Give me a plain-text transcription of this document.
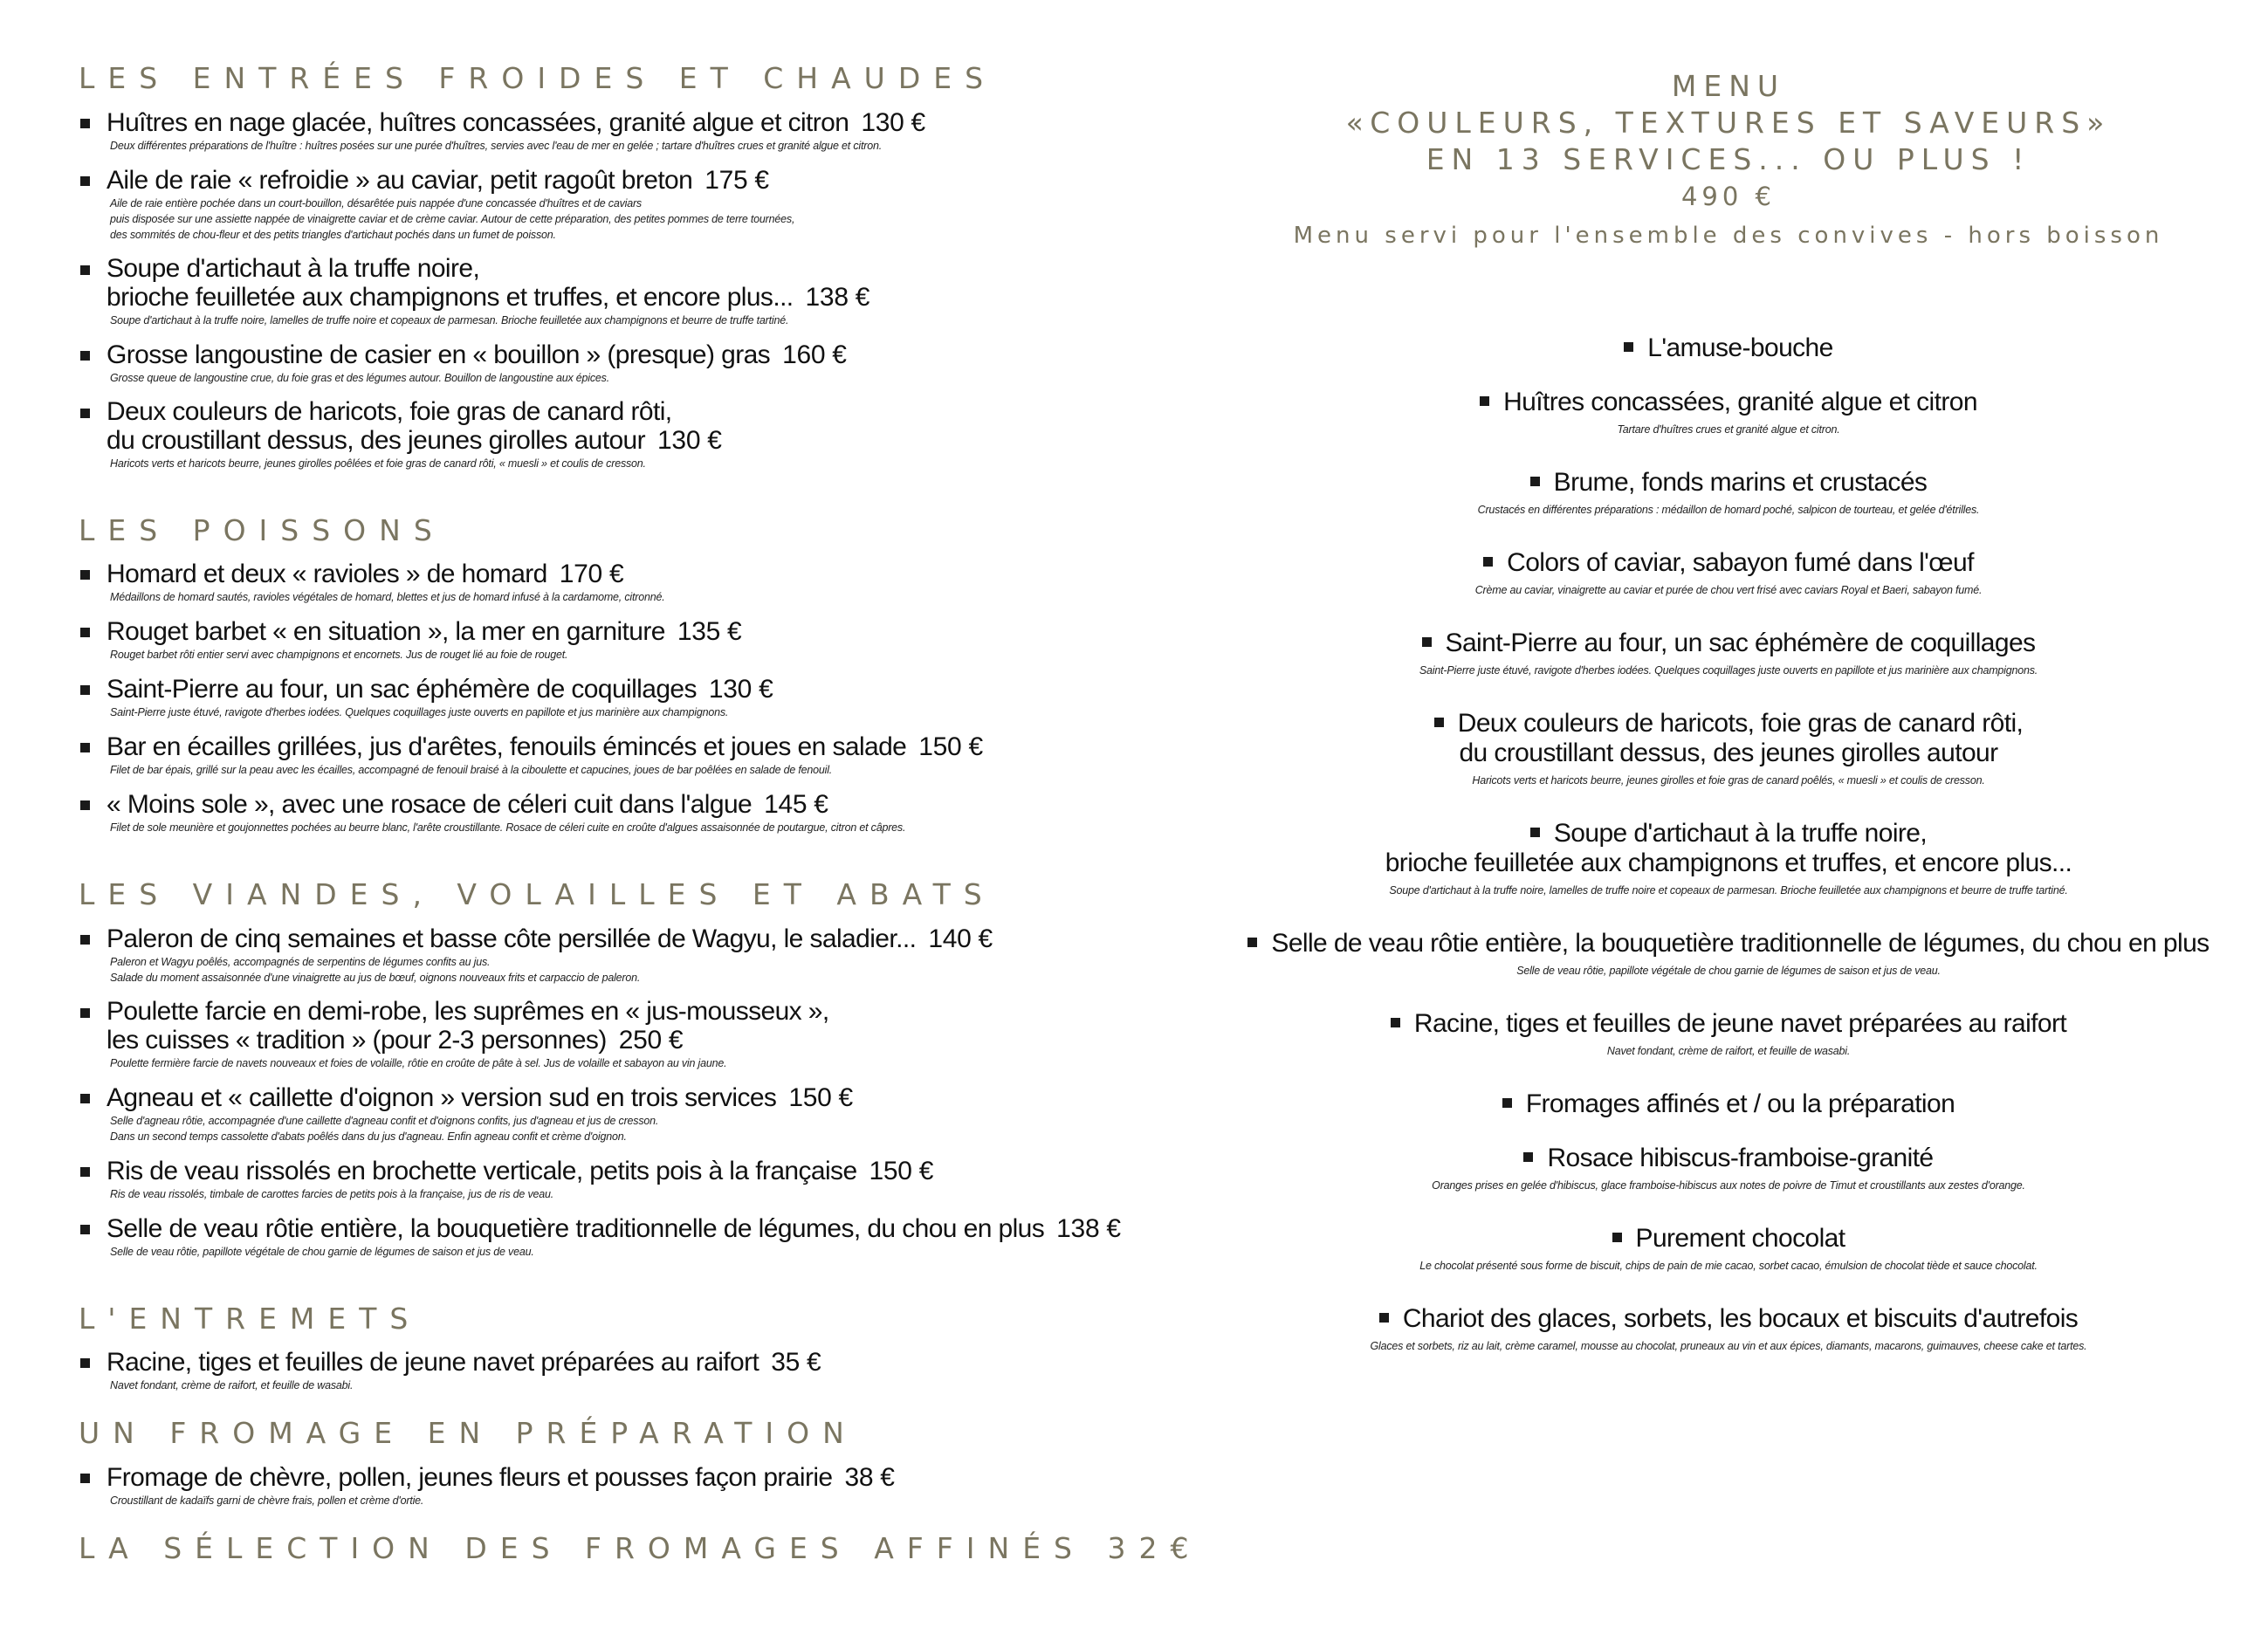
LES ENTRÉES FROIDES ET CHAUDES
Huîtres en nage glacée, huîtres concassées, granité algue et citron 130 €
Deux différentes préparations de l'huître : huîtres posées sur une purée d'huîtres, servies avec l'eau de mer en gelée ; tartare d'huîtres crues et granité algue et citron.
Aile de raie « refroidie » au caviar, petit ragoût breton 175 €
Aile de raie entière pochée dans un court-bouillon, désarêtée puis nappée d'une concassée d'huîtres et de caviars
puis disposée sur une assiette nappée de vinaigrette caviar et de crème caviar. Autour de cette préparation, des petites pommes de terre tournées,
des sommités de chou-fleur et des petits triangles d'artichaut pochés dans un fumet de poisson.
Soupe d'artichaut à la truffe noire,
brioche feuilletée aux champignons et truffes, et encore plus... 138 €
Soupe d'artichaut à la truffe noire, lamelles de truffe noire et copeaux de parmesan. Brioche feuilletée aux champignons et beurre de truffe tartiné.
Grosse langoustine de casier en « bouillon » (presque) gras 160 €
Grosse queue de langoustine crue, du foie gras et des légumes autour. Bouillon de langoustine aux épices.
Deux couleurs de haricots, foie gras de canard rôti,
du croustillant dessus, des jeunes girolles autour 130 €
Haricots verts et haricots beurre, jeunes girolles poêlées et foie gras de canard rôti, « muesli » et coulis de cresson.
LES POISSONS
Homard et deux « ravioles » de homard 170 €
Médaillons de homard sautés, ravioles végétales de homard, blettes et jus de homard infusé à la cardamome, citronné.
Rouget barbet « en situation », la mer en garniture 135 €
Rouget barbet rôti entier servi avec champignons et encornets. Jus de rouget lié au foie de rouget.
Saint-Pierre au four, un sac éphémère de coquillages 130 €
Saint-Pierre juste étuvé, ravigote d'herbes iodées. Quelques coquillages juste ouverts en papillote et jus marinière aux champignons.
Bar en écailles grillées, jus d'arêtes, fenouils émincés et joues en salade 150 €
Filet de bar épais, grillé sur la peau avec les écailles, accompagné de fenouil braisé à la ciboulette et capucines, joues de bar poêlées en salade de fenouil.
« Moins sole », avec une rosace de céleri cuit dans l'algue 145 €
Filet de sole meunière et goujonnettes pochées au beurre blanc, l'arête croustillante. Rosace de céleri cuite en croûte d'algues assaisonnée de poutargue, citron et câpres.
LES VIANDES, VOLAILLES ET ABATS
Paleron de cinq semaines et basse côte persillée de Wagyu, le saladier... 140 €
Paleron et Wagyu poêlés, accompagnés de serpentins de légumes confits au jus.
Salade du moment assaisonnée d'une vinaigrette au jus de bœuf, oignons nouveaux frits et carpaccio de paleron.
Poulette farcie en demi-robe, les suprêmes en « jus-mousseux »,
les cuisses « tradition » (pour 2-3 personnes) 250 €
Poulette fermière farcie de navets nouveaux et foies de volaille, rôtie en croûte de pâte à sel. Jus de volaille et sabayon au vin jaune.
Agneau et « caillette d'oignon » version sud en trois services 150 €
Selle d'agneau rôtie, accompagnée d'une caillette d'agneau confit et d'oignons confits, jus d'agneau et jus de cresson.
Dans un second temps cassolette d'abats poêlés dans du jus d'agneau. Enfin agneau confit et crème d'oignon.
Ris de veau rissolés en brochette verticale, petits pois à la française 150 €
Ris de veau rissolés, timbale de carottes farcies de petits pois à la française, jus de ris de veau.
Selle de veau rôtie entière, la bouquetière traditionnelle de légumes, du chou en plus 138 €
Selle de veau rôtie, papillote végétale de chou garnie de légumes de saison et jus de veau.
L'ENTREMETS
Racine, tiges et feuilles de jeune navet préparées au raifort 35 €
Navet fondant, crème de raifort, et feuille de wasabi.
UN FROMAGE EN PRÉPARATION
Fromage de chèvre, pollen, jeunes fleurs et pousses façon prairie 38 €
Croustillant de kadaïfs garni de chèvre frais, pollen et crème d'ortie.
LA SÉLECTION DES FROMAGES AFFINÉS 32€
MENU
«COULEURS, TEXTURES ET SAVEURS»
EN 13 SERVICES... OU PLUS !
490 €
Menu servi pour l'ensemble des convives - hors boisson
L'amuse-bouche
Huîtres concassées, granité algue et citron
Tartare d'huîtres crues et granité algue et citron.
Brume, fonds marins et crustacés
Crustacés en différentes préparations : médaillon de homard poché, salpicon de tourteau, et gelée d'étrilles.
Colors of caviar, sabayon fumé dans l'œuf
Crème au caviar, vinaigrette au caviar et purée de chou vert frisé avec caviars Royal et Baeri, sabayon fumé.
Saint-Pierre au four, un sac éphémère de coquillages
Saint-Pierre juste étuvé, ravigote d'herbes iodées. Quelques coquillages juste ouverts en papillote et jus marinière aux champignons.
Deux couleurs de haricots, foie gras de canard rôti,
du croustillant dessus, des jeunes girolles autour
Haricots verts et haricots beurre, jeunes girolles et foie gras de canard poêlés, « muesli » et coulis de cresson.
Soupe d'artichaut à la truffe noire,
brioche feuilletée aux champignons et truffes, et encore plus...
Soupe d'artichaut à la truffe noire, lamelles de truffe noire et copeaux de parmesan. Brioche feuilletée aux champignons et beurre de truffe tartiné.
Selle de veau rôtie entière, la bouquetière traditionnelle de légumes, du chou en plus
Selle de veau rôtie, papillote végétale de chou garnie de légumes de saison et jus de veau.
Racine, tiges et feuilles de jeune navet préparées au raifort
Navet fondant, crème de raifort, et feuille de wasabi.
Fromages affinés et / ou la préparation
Rosace hibiscus-framboise-granité
Oranges prises en gelée d'hibiscus, glace framboise-hibiscus aux notes de poivre de Timut et croustillants aux zestes d'orange.
Purement chocolat
Le chocolat présenté sous forme de biscuit, chips de pain de mie cacao, sorbet cacao, émulsion de chocolat tiède et sauce chocolat.
Chariot des glaces, sorbets, les bocaux et biscuits d'autrefois
Glaces et sorbets, riz au lait, crème caramel, mousse au chocolat, pruneaux au vin et aux épices, diamants, macarons, guimauves, cheese cake et tartes.
